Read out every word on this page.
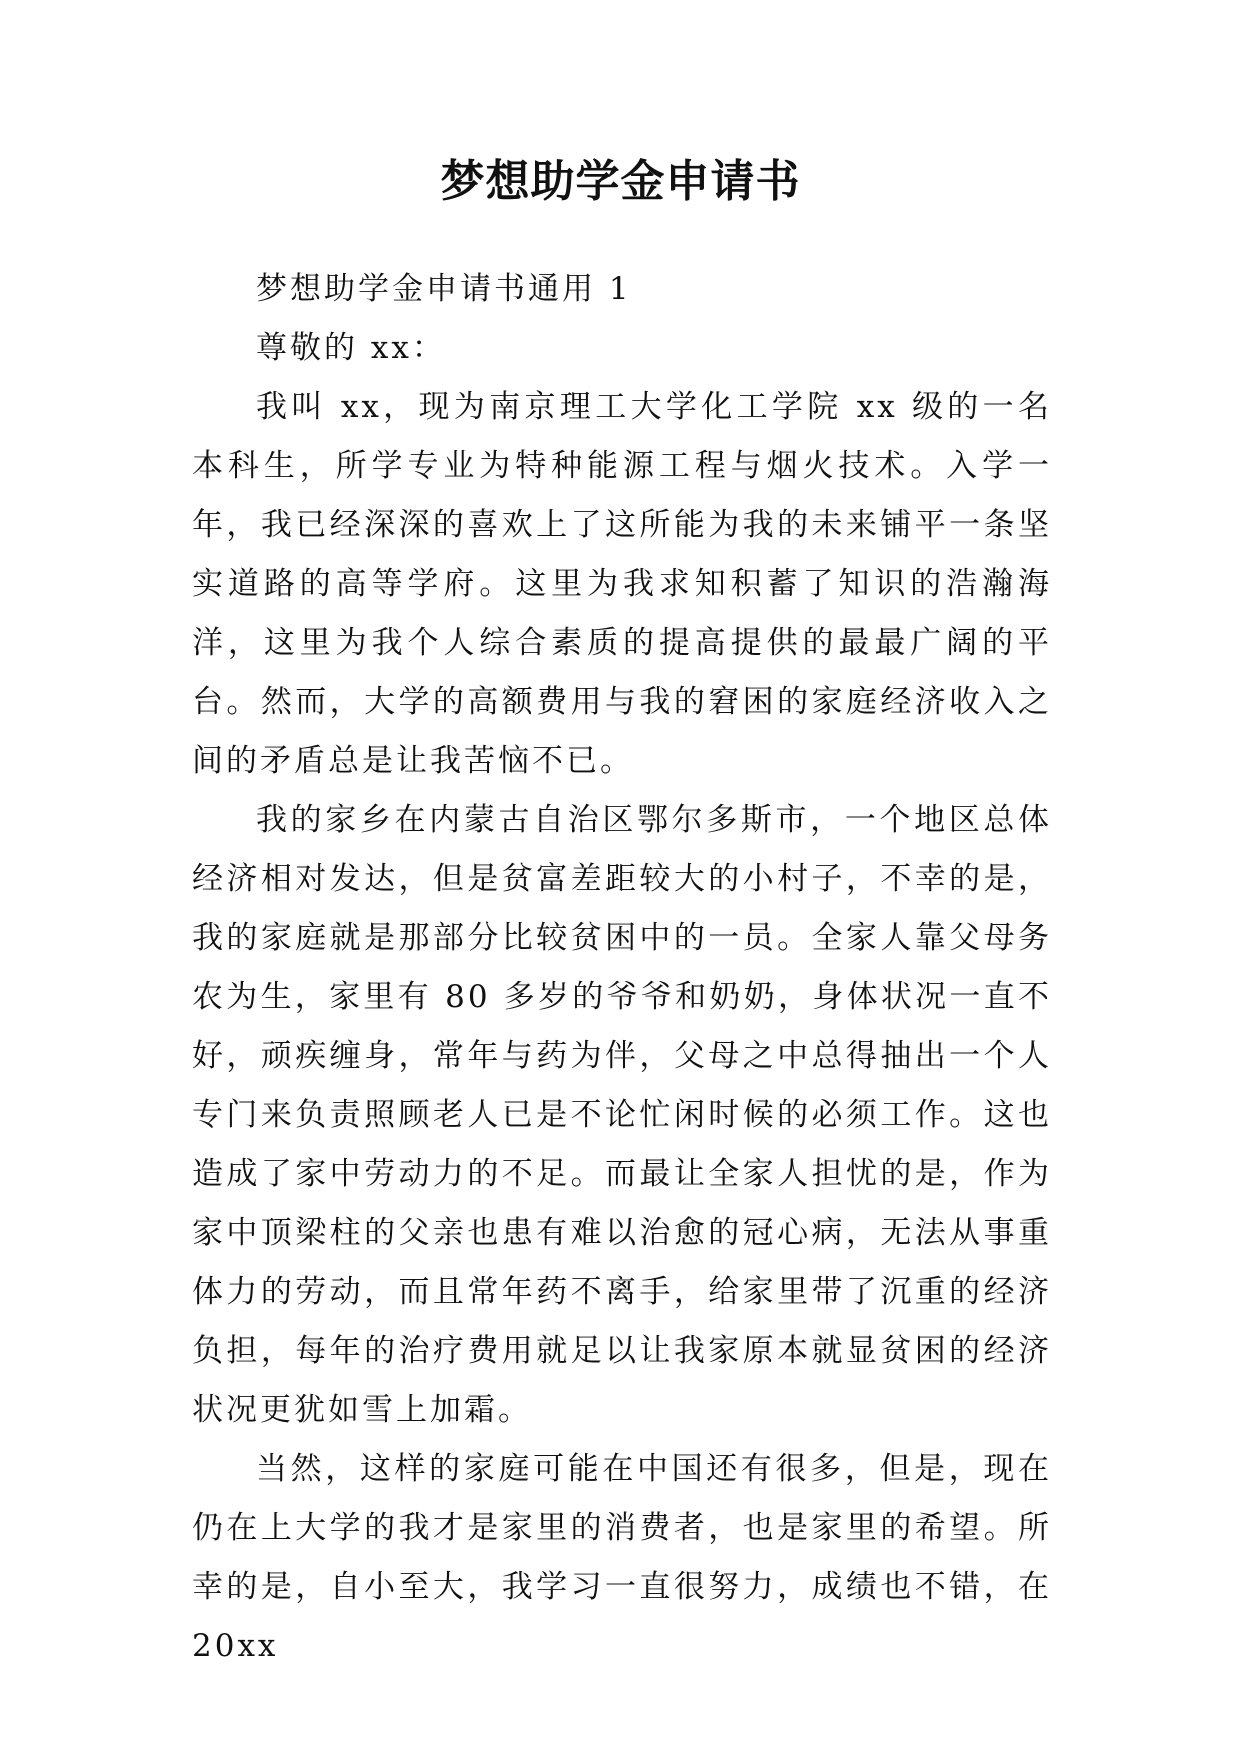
梦想助学金申请书
梦想助学金申请书通用 1
尊敬的 xx：

我叫 xx，现为南京理工大学化工学院 xx 级的一名本科生，所学专业为特种能源工程与烟火技术。入学一年，我已经深深的喜欢上了这所能为我的未来铺平一条坚实道路的高等学府。这里为我求知积蓄了知识的浩瀚海洋，这里为我个人综合素质的提高提供的最最广阔的平台。然而，大学的高额费用与我的窘困的家庭经济收入之间的矛盾总是让我苦恼不已。

我的家乡在内蒙古自治区鄂尔多斯市，一个地区总体经济相对发达，但是贫富差距较大的小村子，不幸的是，我的家庭就是那部分比较贫困中的一员。全家人靠父母务农为生，家里有 80 多岁的爷爷和奶奶，身体状况一直不好，顽疾缠身，常年与药为伴，父母之中总得抽出一个人专门来负责照顾老人已是不论忙闲时候的必须工作。这也造成了家中劳动力的不足。而最让全家人担忧的是，作为家中顶梁柱的父亲也患有难以治愈的冠心病，无法从事重体力的劳动，而且常年药不离手，给家里带了沉重的经济负担，每年的治疗费用就足以让我家原本就显贫困的经济状况更犹如雪上加霜。

当然，这样的家庭可能在中国还有很多，但是，现在仍在上大学的我才是家里的消费者，也是家里的希望。所幸的是，自小至大，我学习一直很努力，成绩也不错，在 20xx
